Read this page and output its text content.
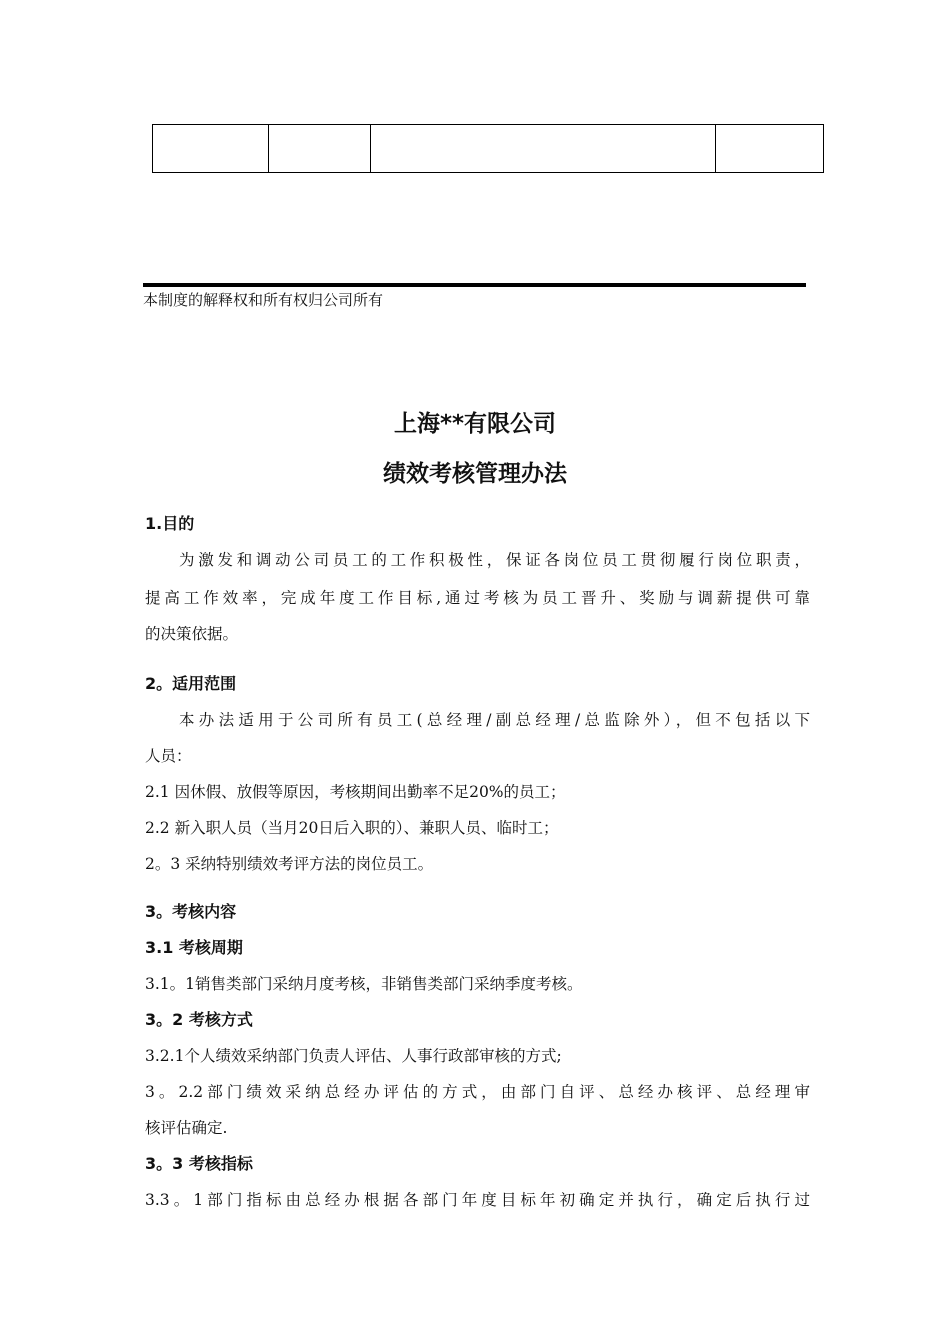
本制度的解释权和所有权归公司所有
上海**有限公司
绩效考核管理办法
1.目的
为激发和调动公司员工的工作积极性，保证各岗位员工贯彻履行岗位职责，
提高工作效率，完成年度工作目标,通过考核为员工晋升、奖励与调薪提供可靠
的决策依据。
2。适用范围
本办法适用于公司所有员工(总经理/副总经理/总监除外），但不包括以下
人员：
2.1 因休假、放假等原因，考核期间出勤率不足20%的员工；
2.2 新入职人员（当月20日后入职的）、兼职人员、临时工；
2。3 采纳特别绩效考评方法的岗位员工。
3。考核内容
3.1 考核周期
3.1。1销售类部门采纳月度考核，非销售类部门采纳季度考核。
3。2 考核方式
3.2.1个人绩效采纳部门负责人评估、人事行政部审核的方式;
3。2.2部门绩效采纳总经办评估的方式，由部门自评、总经办核评、总经理审
核评估确定.
3。3 考核指标
3.3。1部门指标由总经办根据各部门年度目标年初确定并执行，确定后执行过
